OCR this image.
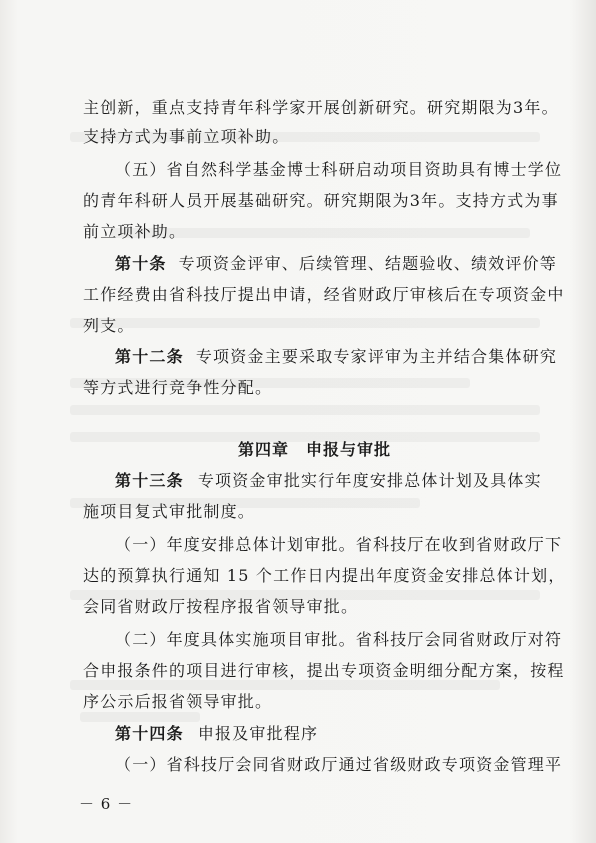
主创新，重点支持青年科学家开展创新研究。研究期限为3年。
支持方式为事前立项补助。
（五）省自然科学基金博士科研启动项目资助具有博士学位
的青年科研人员开展基础研究。研究期限为3年。支持方式为事
前立项补助。
第十条 专项资金评审、后续管理、结题验收、绩效评价等
工作经费由省科技厅提出申请，经省财政厅审核后在专项资金中
列支。
第十二条 专项资金主要采取专家评审为主并结合集体研究
等方式进行竞争性分配。
第四章　申报与审批
第十三条 专项资金审批实行年度安排总体计划及具体实
施项目复式审批制度。
（一）年度安排总体计划审批。省科技厅在收到省财政厅下
达的预算执行通知 15 个工作日内提出年度资金安排总体计划，
会同省财政厅按程序报省领导审批。
（二）年度具体实施项目审批。省科技厅会同省财政厅对符
合申报条件的项目进行审核，提出专项资金明细分配方案，按程
序公示后报省领导审批。
第十四条 申报及审批程序
（一）省科技厅会同省财政厅通过省级财政专项资金管理平
－ 6 －
